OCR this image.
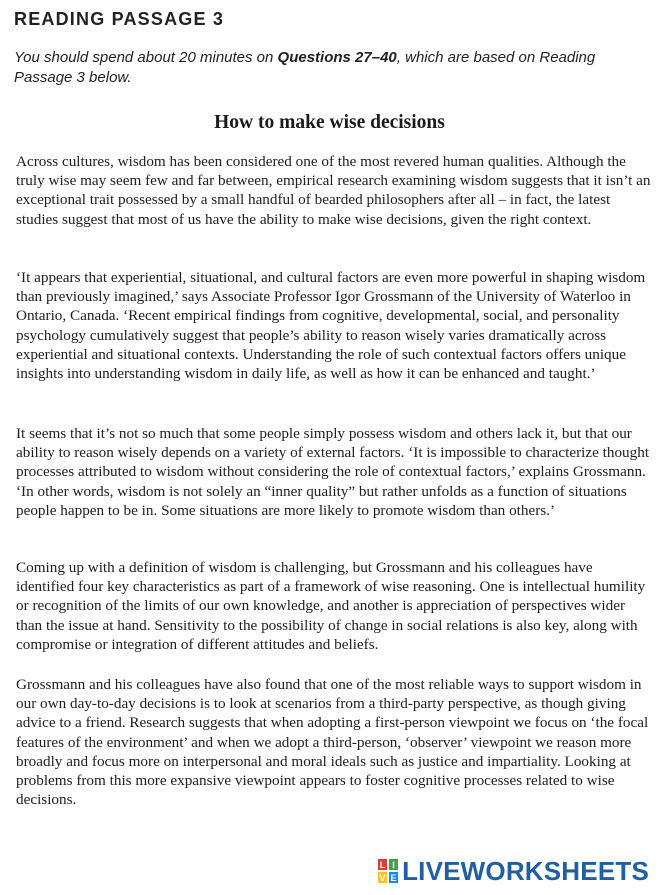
READING PASSAGE 3
You should spend about 20 minutes on Questions 27–40, which are based on Reading Passage 3 below.
How to make wise decisions

Across cultures, wisdom has been considered one of the most revered human qualities. Although the truly wise may seem few and far between, empirical research examining wisdom suggests that it isn’t an exceptional trait possessed by a small handful of bearded philosophers after all – in fact, the latest studies suggest that most of us have the ability to make wise decisions, given the right context.

‘It appears that experiential, situational, and cultural factors are even more powerful in shaping wisdom than previously imagined,’ says Associate Professor Igor Grossmann of the University of Waterloo in Ontario, Canada. ‘Recent empirical findings from cognitive, developmental, social, and personality psychology cumulatively suggest that people’s ability to reason wisely varies dramatically across experiential and situational contexts. Understanding the role of such contextual factors offers unique insights into understanding wisdom in daily life, as well as how it can be enhanced and taught.’

It seems that it’s not so much that some people simply possess wisdom and others lack it, but that our ability to reason wisely depends on a variety of external factors. ‘It is impossible to characterize thought processes attributed to wisdom without considering the role of contextual factors,’ explains Grossmann. ‘In other words, wisdom is not solely an “inner quality” but rather unfolds as a function of situations people happen to be in. Some situations are more likely to promote wisdom than others.’

Coming up with a definition of wisdom is challenging, but Grossmann and his colleagues have identified four key characteristics as part of a framework of wise reasoning. One is intellectual humility or recognition of the limits of our own knowledge, and another is appreciation of perspectives wider than the issue at hand. Sensitivity to the possibility of change in social relations is also key, along with compromise or integration of different attitudes and beliefs.

Grossmann and his colleagues have also found that one of the most reliable ways to support wisdom in our own day-to-day decisions is to look at scenarios from a third-party perspective, as though giving advice to a friend. Research suggests that when adopting a first-person viewpoint we focus on ‘the focal features of the environment’ and when we adopt a third-person, ‘observer’ viewpoint we reason more broadly and focus more on interpersonal and moral ideals such as justice and impartiality. Looking at problems from this more expansive viewpoint appears to foster cognitive processes related to wise decisions.

L I
V E LIVEWORKSHEETS
